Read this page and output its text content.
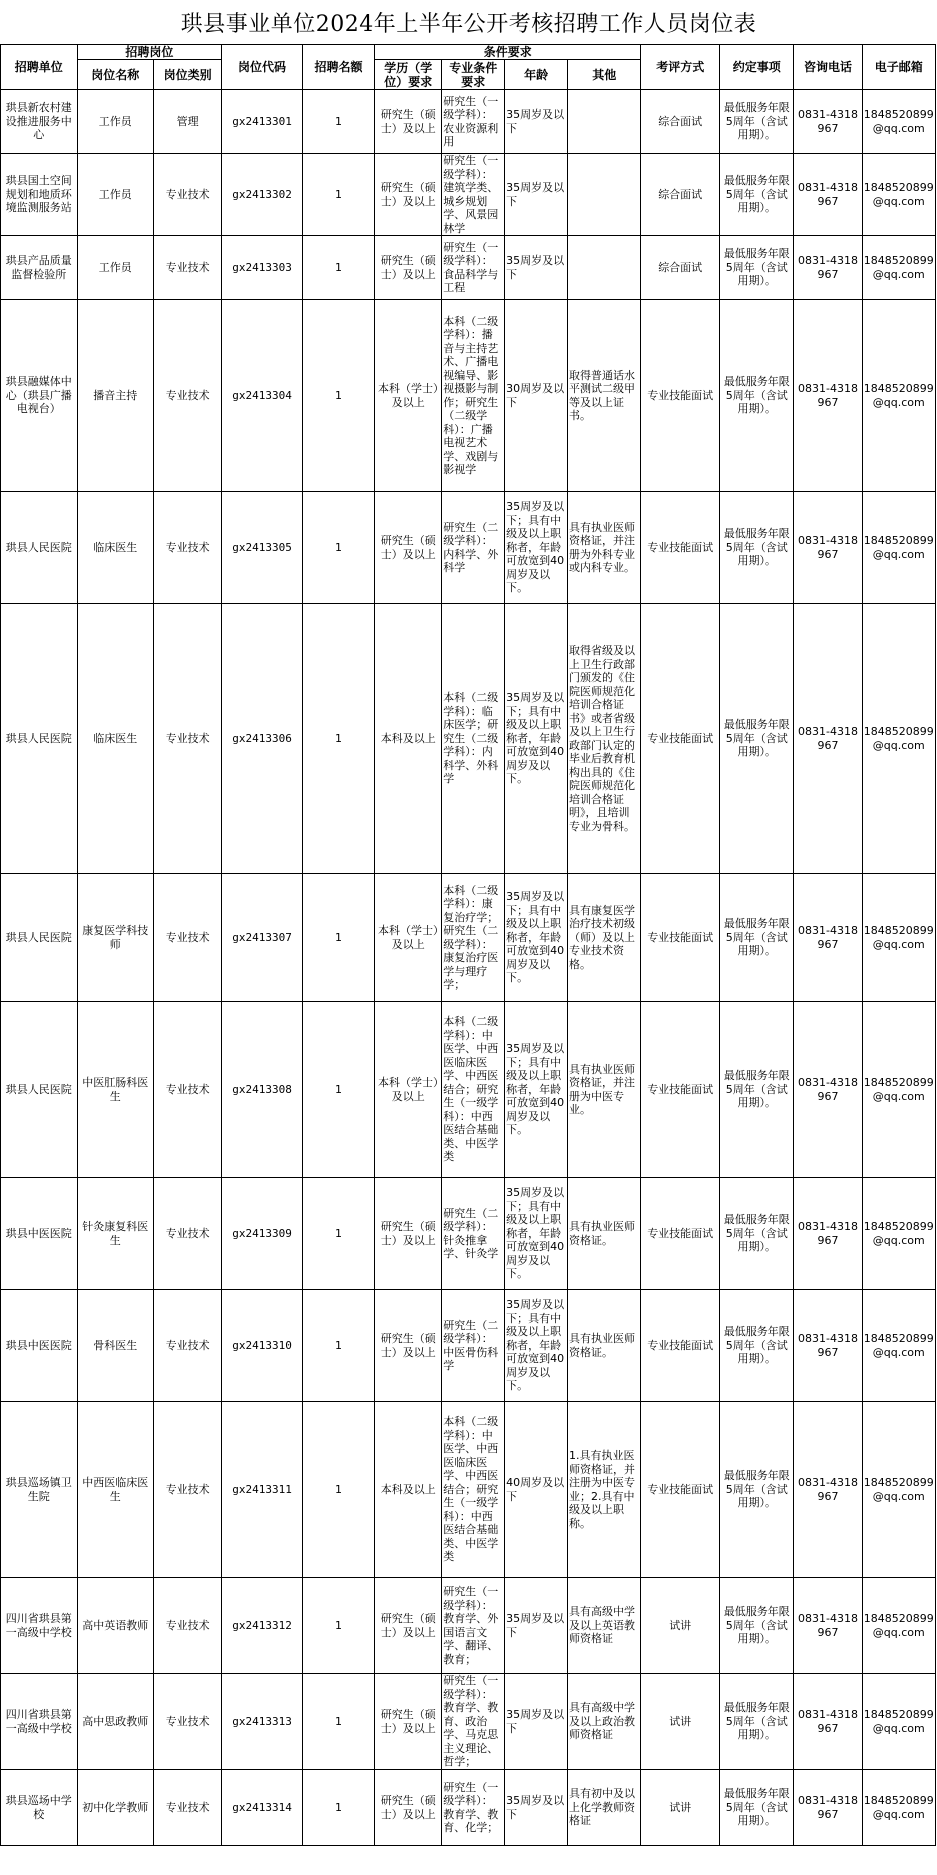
珙县事业单位2024年上半年公开考核招聘工作人员岗位表
招聘单位	招聘岗位		岗位代码	招聘名额	条件要求				考评方式	约定事项	咨询电话	电子邮箱
	岗位名称	岗位类别			学历（学位）要求	专业条件要求	年龄	其他				
珙县新农村建设推进服务中心	工作员	管理	gx2413301	1	研究生（硕士）及以上	研究生（一级学科）：农业资源利用	35周岁及以下		综合面试	最低服务年限5周年（含试用期）。	0831-4318967	1848520899@qq.com
珙县国土空间规划和地质环境监测服务站	工作员	专业技术	gx2413302	1	研究生（硕士）及以上	研究生（一级学科）：建筑学类、城乡规划学、风景园林学	35周岁及以下		综合面试	最低服务年限5周年（含试用期）。	0831-4318967	1848520899@qq.com
珙县产品质量监督检验所	工作员	专业技术	gx2413303	1	研究生（硕士）及以上	研究生（一级学科）：食品科学与工程	35周岁及以下		综合面试	最低服务年限5周年（含试用期）。	0831-4318967	1848520899@qq.com
珙县融媒体中心（珙县广播电视台）	播音主持	专业技术	gx2413304	1	本科（学士）及以上	本科（二级学科）：播音与主持艺术、广播电视编导、影视摄影与制作；研究生（二级学科）：广播电视艺术学、戏剧与影视学	30周岁及以下	取得普通话水平测试二级甲等及以上证书。	专业技能面试	最低服务年限5周年（含试用期）。	0831-4318967	1848520899@qq.com
珙县人民医院	临床医生	专业技术	gx2413305	1	研究生（硕士）及以上	研究生（二级学科）：内科学、外科学	35周岁及以下；具有中级及以上职称者，年龄可放宽到40周岁及以下。	具有执业医师资格证，并注册为外科专业或内科专业。	专业技能面试	最低服务年限5周年（含试用期）。	0831-4318967	1848520899@qq.com
珙县人民医院	临床医生	专业技术	gx2413306	1	本科及以上	本科（二级学科）：临床医学；研究生（二级学科）：内科学、外科学	35周岁及以下；具有中级及以上职称者，年龄可放宽到40周岁及以下。	取得省级及以上卫生行政部门颁发的《住院医师规范化培训合格证书》或者省级及以上卫生行政部门认定的毕业后教育机构出具的《住院医师规范化培训合格证明》，且培训专业为骨科。	专业技能面试	最低服务年限5周年（含试用期）。	0831-4318967	1848520899@qq.com
珙县人民医院	康复医学科技师	专业技术	gx2413307	1	本科（学士）及以上	本科（二级学科）：康复治疗学；研究生（二级学科）：康复治疗医学与理疗学；	35周岁及以下；具有中级及以上职称者，年龄可放宽到40周岁及以下。	具有康复医学治疗技术初级（师）及以上专业技术资格。	专业技能面试	最低服务年限5周年（含试用期）。	0831-4318967	1848520899@qq.com
珙县人民医院	中医肛肠科医生	专业技术	gx2413308	1	本科（学士）及以上	本科（二级学科）：中医学、中西医临床医学、中西医结合；研究生（一级学科）：中西医结合基础类、中医学类	35周岁及以下；具有中级及以上职称者，年龄可放宽到40周岁及以下。	具有执业医师资格证，并注册为中医专业。	专业技能面试	最低服务年限5周年（含试用期）。	0831-4318967	1848520899@qq.com
珙县中医医院	针灸康复科医生	专业技术	gx2413309	1	研究生（硕士）及以上	研究生（二级学科）：针灸推拿学、针灸学	35周岁及以下；具有中级及以上职称者，年龄可放宽到40周岁及以下。	具有执业医师资格证。	专业技能面试	最低服务年限5周年（含试用期）。	0831-4318967	1848520899@qq.com
珙县中医医院	骨科医生	专业技术	gx2413310	1	研究生（硕士）及以上	研究生（二级学科）：中医骨伤科学	35周岁及以下；具有中级及以上职称者，年龄可放宽到40周岁及以下。	具有执业医师资格证。	专业技能面试	最低服务年限5周年（含试用期）。	0831-4318967	1848520899@qq.com
珙县巡场镇卫生院	中西医临床医生	专业技术	gx2413311	1	本科及以上	本科（二级学科）：中医学、中西医临床医学、中西医结合；研究生（一级学科）：中西医结合基础类、中医学类	40周岁及以下	1.具有执业医师资格证，并注册为中医专业；2.具有中级及以上职称。	专业技能面试	最低服务年限5周年（含试用期）。	0831-4318967	1848520899@qq.com
四川省珙县第一高级中学校	高中英语教师	专业技术	gx2413312	1	研究生（硕士）及以上	研究生（一级学科）：教育学、外国语言文学、翻译、教育；	35周岁及以下	具有高级中学及以上英语教师资格证	试讲	最低服务年限5周年（含试用期）。	0831-4318967	1848520899@qq.com
四川省珙县第一高级中学校	高中思政教师	专业技术	gx2413313	1	研究生（硕士）及以上	研究生（一级学科）：教育学、教育、政治学、马克思主义理论、哲学；	35周岁及以下	具有高级中学及以上政治教师资格证	试讲	最低服务年限5周年（含试用期）。	0831-4318967	1848520899@qq.com
珙县巡场中学校	初中化学教师	专业技术	gx2413314	1	研究生（硕士）及以上	研究生（一级学科）：教育学、教育、化学；	35周岁及以下	具有初中及以上化学教师资格证	试讲	最低服务年限5周年（含试用期）。	0831-4318967	1848520899@qq.com
